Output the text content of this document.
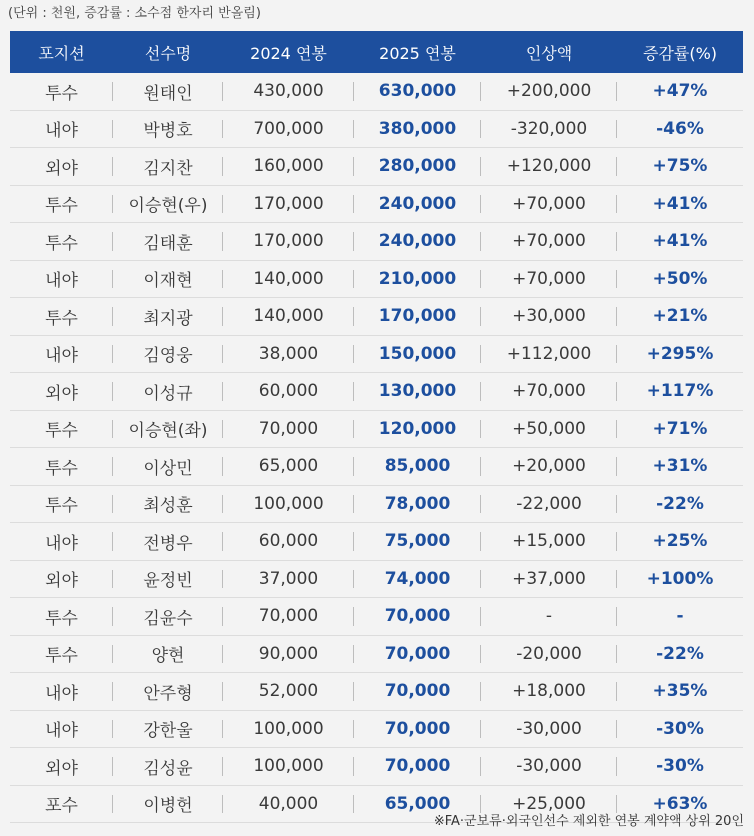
(단위 : 천원, 증감률 : 소수점 한자리 반올림)
포지션	선수명	2024 연봉	2025 연봉	인상액	증감률(%)
투수	원태인	430,000	630,000	+200,000	+47%
내야	박병호	700,000	380,000	-320,000	-46%
외야	김지찬	160,000	280,000	+120,000	+75%
투수	이승현(우)	170,000	240,000	+70,000	+41%
투수	김태훈	170,000	240,000	+70,000	+41%
내야	이재현	140,000	210,000	+70,000	+50%
투수	최지광	140,000	170,000	+30,000	+21%
내야	김영웅	38,000	150,000	+112,000	+295%
외야	이성규	60,000	130,000	+70,000	+117%
투수	이승현(좌)	70,000	120,000	+50,000	+71%
투수	이상민	65,000	85,000	+20,000	+31%
투수	최성훈	100,000	78,000	-22,000	-22%
내야	전병우	60,000	75,000	+15,000	+25%
외야	윤정빈	37,000	74,000	+37,000	+100%
투수	김윤수	70,000	70,000	-	-
투수	양현	90,000	70,000	-20,000	-22%
내야	안주형	52,000	70,000	+18,000	+35%
내야	강한울	100,000	70,000	-30,000	-30%
외야	김성윤	100,000	70,000	-30,000	-30%
포수	이병헌	40,000	65,000	+25,000	+63%
※FA·군보류·외국인선수 제외한 연봉 계약액 상위 20인
